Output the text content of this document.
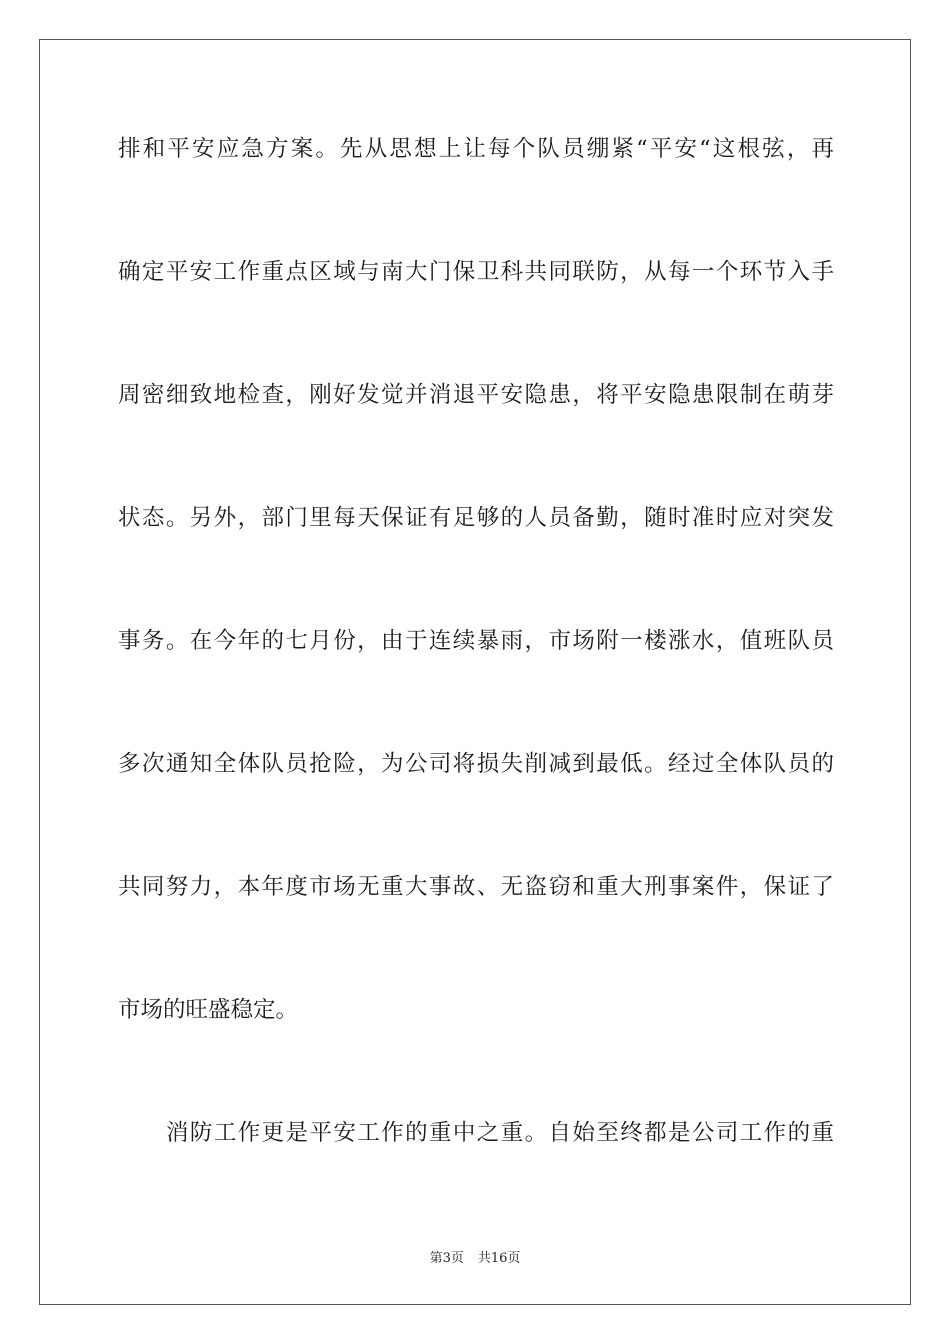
排和平安应急方案。先从思想上让每个队员绷紧“平安“这根弦，再
确定平安工作重点区域与南大门保卫科共同联防，从每一个环节入手
周密细致地检查，刚好发觉并消退平安隐患，将平安隐患限制在萌芽
状态。另外，部门里每天保证有足够的人员备勤，随时准时应对突发
事务。在今年的七月份，由于连续暴雨，市场附一楼涨水，值班队员
多次通知全体队员抢险，为公司将损失削减到最低。经过全体队员的
共同努力，本年度市场无重大事故、无盗窃和重大刑事案件，保证了
市场的旺盛稳定。
消防工作更是平安工作的重中之重。自始至终都是公司工作的重
第3页 共16页
